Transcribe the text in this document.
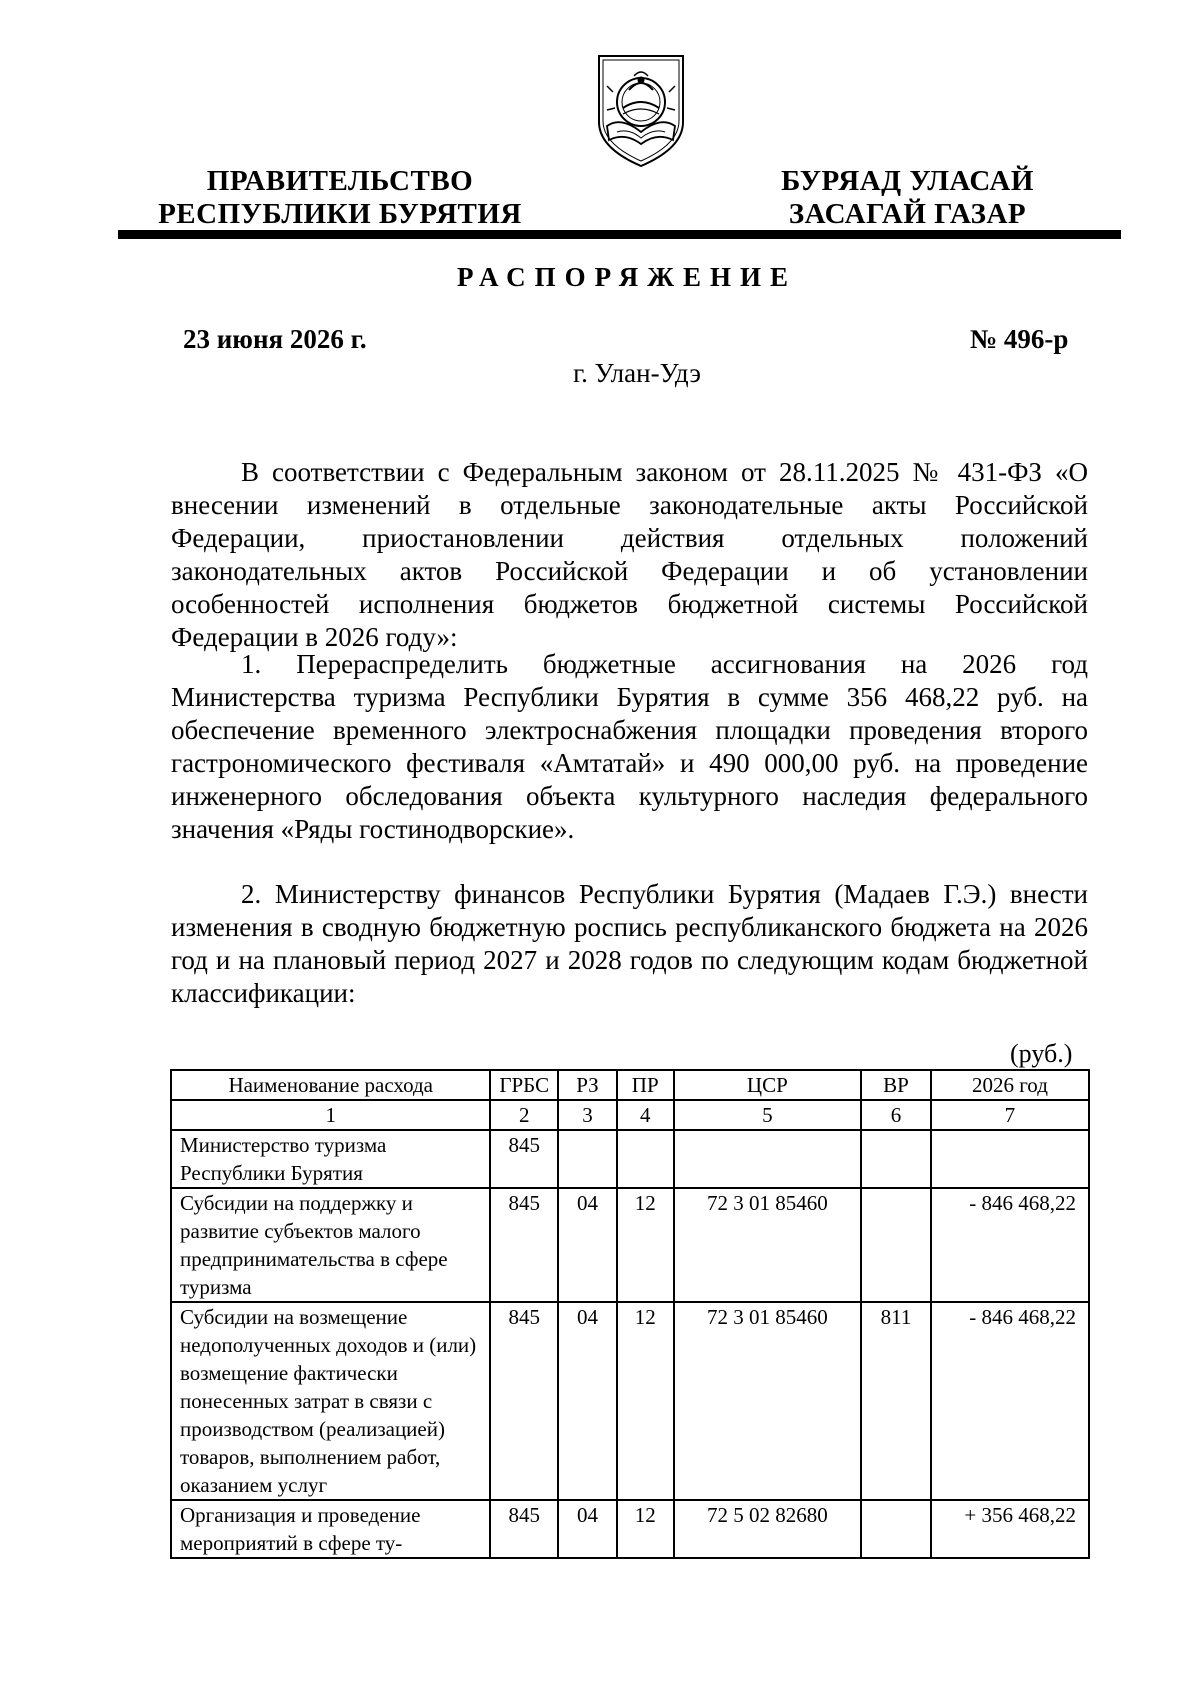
ПРАВИТЕЛЬСТВО
РЕСПУБЛИКИ БУРЯТИЯ
БУРЯАД УЛАСАЙ
ЗАСАГАЙ ГАЗАР
РАСПОРЯЖЕНИЕ
23 июня 2026 г.	№ 496-р
г. Улан-Удэ
В соответствии с Федеральным законом от 28.11.2025 № 431-ФЗ «О внесении изменений в отдельные законодательные акты Российской Федерации, приостановлении действия отдельных положений законодательных актов Российской Федерации и об установлении особенностей исполнения бюджетов бюджетной системы Российской Федерации в 2026 году»:
1. Перераспределить бюджетные ассигнования на 2026 год Министерства туризма Республики Бурятия в сумме 356 468,22 руб. на обеспечение временного электроснабжения площадки проведения второго гастрономического фестиваля «Амтатай» и 490 000,00 руб. на проведение инженерного обследования объекта культурного наследия федерального значения «Ряды гостинодворские».
2. Министерству финансов Республики Бурятия (Мадаев Г.Э.) внести изменения в сводную бюджетную роспись республиканского бюджета на 2026 год и на плановый период 2027 и 2028 годов по следующим кодам бюджетной классификации:
(руб.)
Наименование расхода	ГРБС	РЗ	ПР	ЦСР	ВР	2026 год
1	2	3	4	5	6	7
Министерство туризма Республики Бурятия	845					
Субсидии на поддержку и развитие субъектов малого предпринимательства в сфере туризма	845	04	12	72 3 01 85460		- 846 468,22
Субсидии на возмещение недополученных доходов и (или) возмещение фактически понесенных затрат в связи с производством (реализацией) товаров, выполнением работ, оказанием услуг	845	04	12	72 3 01 85460	811	- 846 468,22
Организация и проведение мероприятий в сфере ту-	845	04	12	72 5 02 82680		+ 356 468,22
